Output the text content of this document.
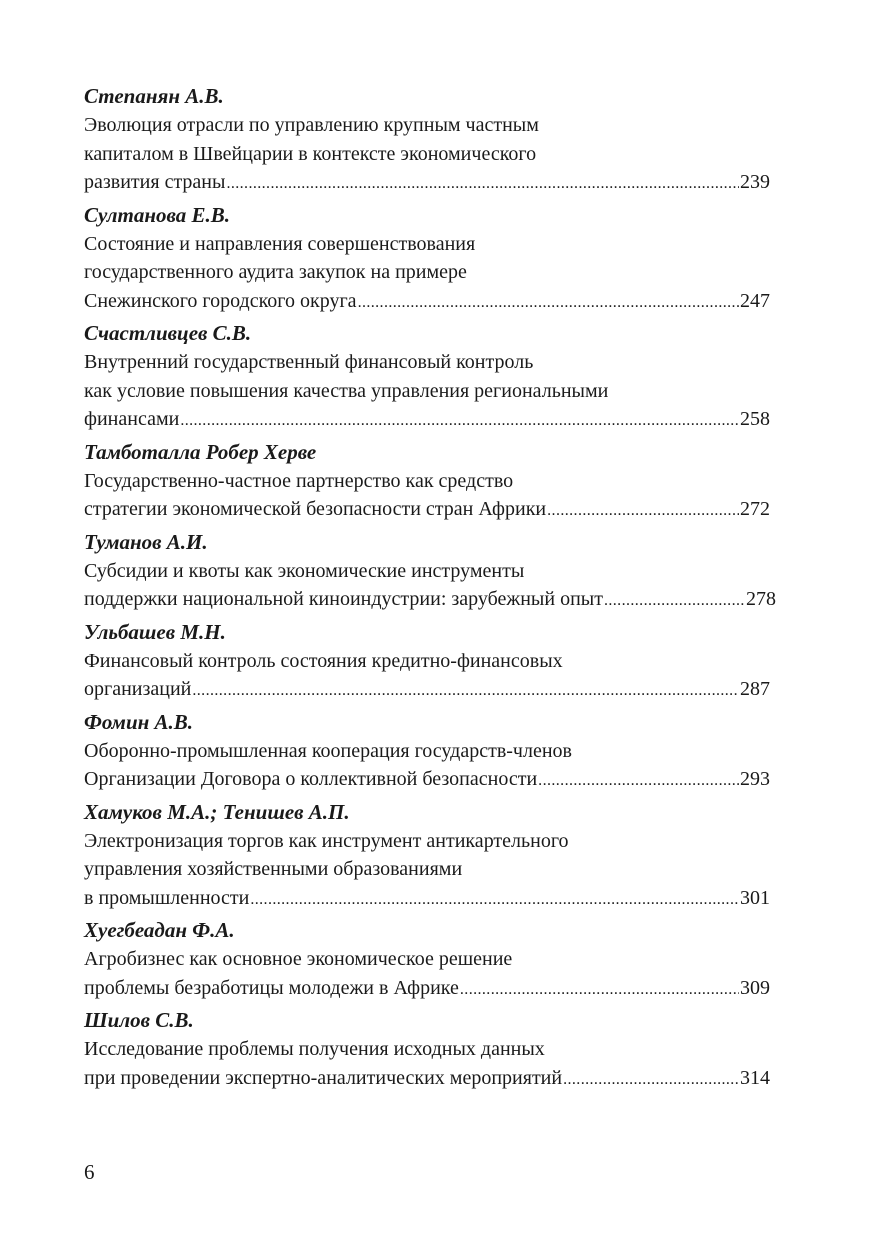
Степанян А.В.
Эволюция отрасли по управлению крупным частным
капиталом в Швейцарии в контексте экономического
развития страны .....	239
Султанова Е.В.
Состояние и направления совершенствования
государственного аудита закупок на примере
Снежинского городского округа .....	247
Счастливцев С.В.
Внутренний государственный финансовый контроль
как условие повышения качества управления региональными
финансами .....	258
Тамботалла Робер Херве
Государственно-частное партнерство как средство
стратегии экономической безопасности стран Африки .....	272
Туманов А.И.
Субсидии и квоты как экономические инструменты
поддержки национальной киноиндустрии: зарубежный опыт .....	278
Ульбашев М.Н.
Финансовый контроль состояния кредитно-финансовых
организаций .....	287
Фомин А.В.
Оборонно-промышленная кооперация государств-членов
Организации Договора о коллективной безопасности .....	293
Хамуков М.А.; Тенишев А.П.
Электронизация торгов как инструмент антикартельного
управления хозяйственными образованиями
в промышленности .....	301
Хуегбеадан Ф.А.
Агробизнес как основное экономическое решение
проблемы безработицы молодежи в Африке .....	309
Шилов С.В.
Исследование проблемы получения исходных данных
при проведении экспертно-аналитических мероприятий .....	314
6
